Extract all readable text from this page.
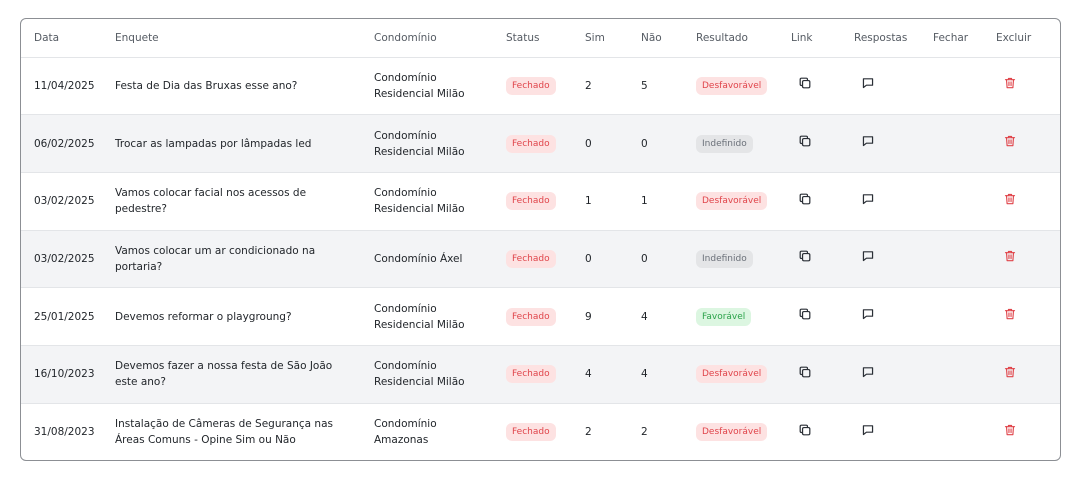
Data	Enquete	Condomínio	Status	Sim	Não	Resultado	Link	Respostas	Fechar	Excluir
11/04/2025	Festa de Dia das Bruxas esse ano?	Condomínio Residencial Milão	Fechado	2	5	Desfavorável	

06/02/2025	Trocar as lampadas por lâmpadas led	Condomínio Residencial Milão	Fechado	0	0	Indefinido	

03/02/2025	Vamos colocar facial nos acessos de pedestre?	Condomínio Residencial Milão	Fechado	1	1	Desfavorável	

03/02/2025	Vamos colocar um ar condicionado na portaria?	Condomínio Áxel	Fechado	0	0	Indefinido	

25/01/2025	Devemos reformar o playgroung?	Condomínio Residencial Milão	Fechado	9	4	Favorável	

16/10/2023	Devemos fazer a nossa festa de São João este ano?	Condomínio Residencial Milão	Fechado	4	4	Desfavorável	

31/08/2023	Instalação de Câmeras de Segurança nas Áreas Comuns - Opine Sim ou Não	Condomínio Amazonas	Fechado	2	2	Desfavorável	
